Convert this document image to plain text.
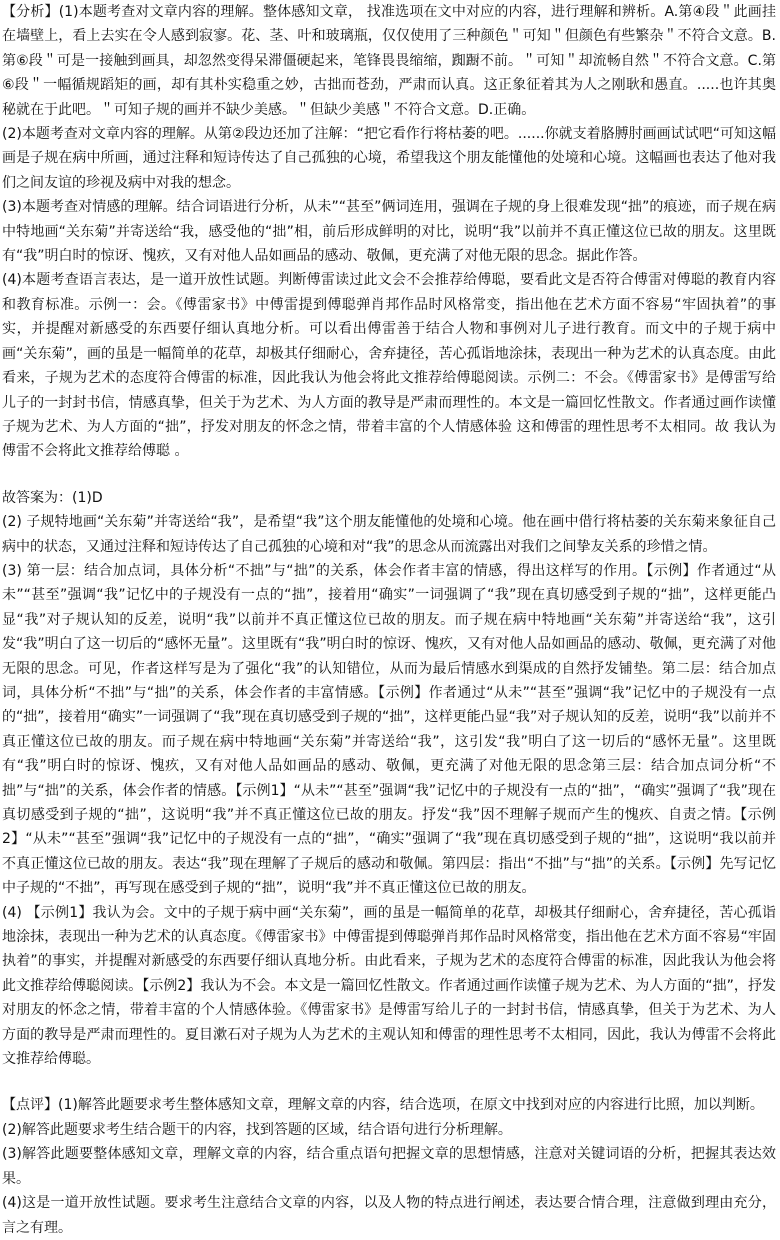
【分析】(1)本题考查对文章内容的理解。整体感知文章， 找准选项在文中对应的内容，进行理解和辨析。A.第④段＂此画挂在墙壁上，看上去实在令人感到寂寥。花、茎、叶和玻璃瓶，仅仅使用了三种颜色＂可知＂但颜色有些繁杂＂不符合文意。B.第⑥段＂可是一接触到画具，却忽然变得呆滞僵硬起来，笔锋畏畏缩缩，踟蹰不前。＂可知＂却流畅自然＂不符合文意。C.第⑥段＂一幅循规蹈矩的画，却有其朴实稳重之妙，古拙而苍劲，严肃而认真。这正象征着其为人之刚耿和愚直。.....也许其奥秘就在于此吧。＂可知子规的画并不缺少美感。＂但缺少美感＂不符合文意。D.正确。

(2)本题考查对文章内容的理解。从第②段边还加了注解：“把它看作行将枯萎的吧。......你就支着胳膊肘画画试试吧“可知这幅画是子规在病中所画，通过注释和短诗传达了自己孤独的心境，希望我这个朋友能懂他的处境和心境。这幅画也表达了他对我们之间友谊的珍视及病中对我的想念。

(3)本题考查对情感的理解。结合词语进行分析，从未”“甚至”俩词连用，强调在子规的身上很难发现“拙”的痕迹，而子规在病中特地画“关东菊”并寄送给“我，感受他的“拙”相，前后形成鲜明的对比，说明“我”以前并不真正懂这位已故的朋友。这里既有“我”明白时的惊讶、愧疚，又有对他人品如画品的感动、敬佩，更充满了对他无限的思念。据此作答。

(4)本题考查语言表达，是一道开放性试题。判断傅雷读过此文会不会推荐给傅聪，要看此文是否符合傅雷对傅聪的教育内容和教育标准。示例一：会。《傅雷家书》中傅雷提到傅聪弹肖邦作品时风格常变，指出他在艺术方面不容易“牢固执着”的事实，并提醒对新感受的东西要仔细认真地分析。可以看出傅雷善于结合人物和事例对儿子进行教育。而文中的子规于病中画“关东菊”，画的虽是一幅简单的花草，却极其仔细耐心，舍弃捷径，苦心孤诣地涂抹，表现出一种为艺术的认真态度。由此看来，子规为艺术的态度符合傅雷的标准，因此我认为他会将此文推荐给傅聪阅读。示例二：不会。《傅雷家书》是傅雷写给儿子的一封封书信，情感真挚，但关于为艺术、为人方面的教导是严肃而理性的。本文是一篇回忆性散文。作者通过画作读懂子规为艺术、为人方面的“拙”，抒发对朋友的怀念之情，带着丰富的个人情感体验 这和傅雷的理性思考不太相同。故 我认为傅雷不会将此文推荐给傅聪 。

故答案为：(1)D

(2) 子规特地画“关东菊”并寄送给“我”，是希望“我”这个朋友能懂他的处境和心境。他在画中借行将枯萎的关东菊来象征自己病中的状态，又通过注释和短诗传达了自己孤独的心境和对“我”的思念从而流露出对我们之间挚友关系的珍惜之情。

(3) 第一层：结合加点词，具体分析“不拙”与“拙”的关系，体会作者丰富的情感，得出这样写的作用。【示例】作者通过“从未”“甚至”强调“我”记忆中的子规没有一点的“拙”，接着用“确实”一词强调了“我”现在真切感受到子规的“拙”，这样更能凸显“我”对子规认知的反差，说明“我”以前并不真正懂这位已故的朋友。而子规在病中特地画“关东菊”并寄送给“我”，这引发“我”明白了这一切后的“感怀无量”。这里既有“我”明白时的惊讶、愧疚，又有对他人品如画品的感动、敬佩，更充满了对他无限的思念。可见，作者这样写是为了强化“我”的认知错位，从而为最后情感水到渠成的自然抒发铺垫。第二层：结合加点词，具体分析“不拙”与“拙”的关系，体会作者的丰富情感。【示例】作者通过“从未”“甚至”强调“我”记忆中的子规没有一点的“拙”，接着用“确实”一词强调了“我”现在真切感受到子规的“拙”，这样更能凸显“我”对子规认知的反差，说明“我”以前并不真正懂这位已故的朋友。而子规在病中特地画“关东菊”并寄送给“我”，这引发“我”明白了这一切后的“感怀无量”。这里既有“我”明白时的惊讶、愧疚，又有对他人品如画品的感动、敬佩，更充满了对他无限的思念第三层：结合加点词分析“不拙”与“拙”的关系，体会作者的情感。【示例1】“从未”“甚至”强调“我”记忆中的子规没有一点的“拙”，“确实”强调了“我”现在真切感受到子规的“拙”，这说明“我”并不真正懂这位已故的朋友。抒发“我”因不理解子规而产生的愧疚、自责之情。【示例2】“从未”“甚至”强调“我”记忆中的子规没有一点的“拙”，“确实”强调了“我”现在真切感受到子规的“拙”，这说明“我以前并不真正懂这位已故的朋友。表达“我”现在理解了子规后的感动和敬佩。第四层：指出“不拙”与“拙”的关系。【示例】先写记忆中子规的“不拙”，再写现在感受到子规的“拙”，说明“我”并不真正懂这位已故的朋友。

(4) 【示例1】我认为会。文中的子规于病中画“关东菊”，画的虽是一幅简单的花草，却极其仔细耐心，舍弃捷径，苦心孤诣地涂抹，表现出一种为艺术的认真态度。《傅雷家书》中傅雷提到傅聪弹肖邦作品时风格常变，指出他在艺术方面不容易“牢固执着”的事实，并提醒对新感受的东西要仔细认真地分析。由此看来，子规为艺术的态度符合傅雷的标准，因此我认为他会将此文推荐给傅聪阅读。【示例2】我认为不会。本文是一篇回忆性散文。作者通过画作读懂子规为艺术、为人方面的“拙”，抒发对朋友的怀念之情，带着丰富的个人情感体验。《傅雷家书》是傅雷写给儿子的一封封书信，情感真挚，但关于为艺术、为人方面的教导是严肃而理性的。夏目漱石对子规为人为艺术的主观认知和傅雷的理性思考不太相同，因此，我认为傅雷不会将此文推荐给傅聪。

【点评】(1)解答此题要求考生整体感知文章，理解文章的内容，结合选项，在原文中找到对应的内容进行比照，加以判断。

(2)解答此题要求考生结合题干的内容，找到答题的区域，结合语句进行分析理解。

(3)解答此题要整体感知文章，理解文章的内容，结合重点语句把握文章的思想情感，注意对关键词语的分析，把握其表达效果。

(4)这是一道开放性试题。要求考生注意结合文章的内容，以及人物的特点进行阐述，表达要合情合理，注意做到理由充分，言之有理。
